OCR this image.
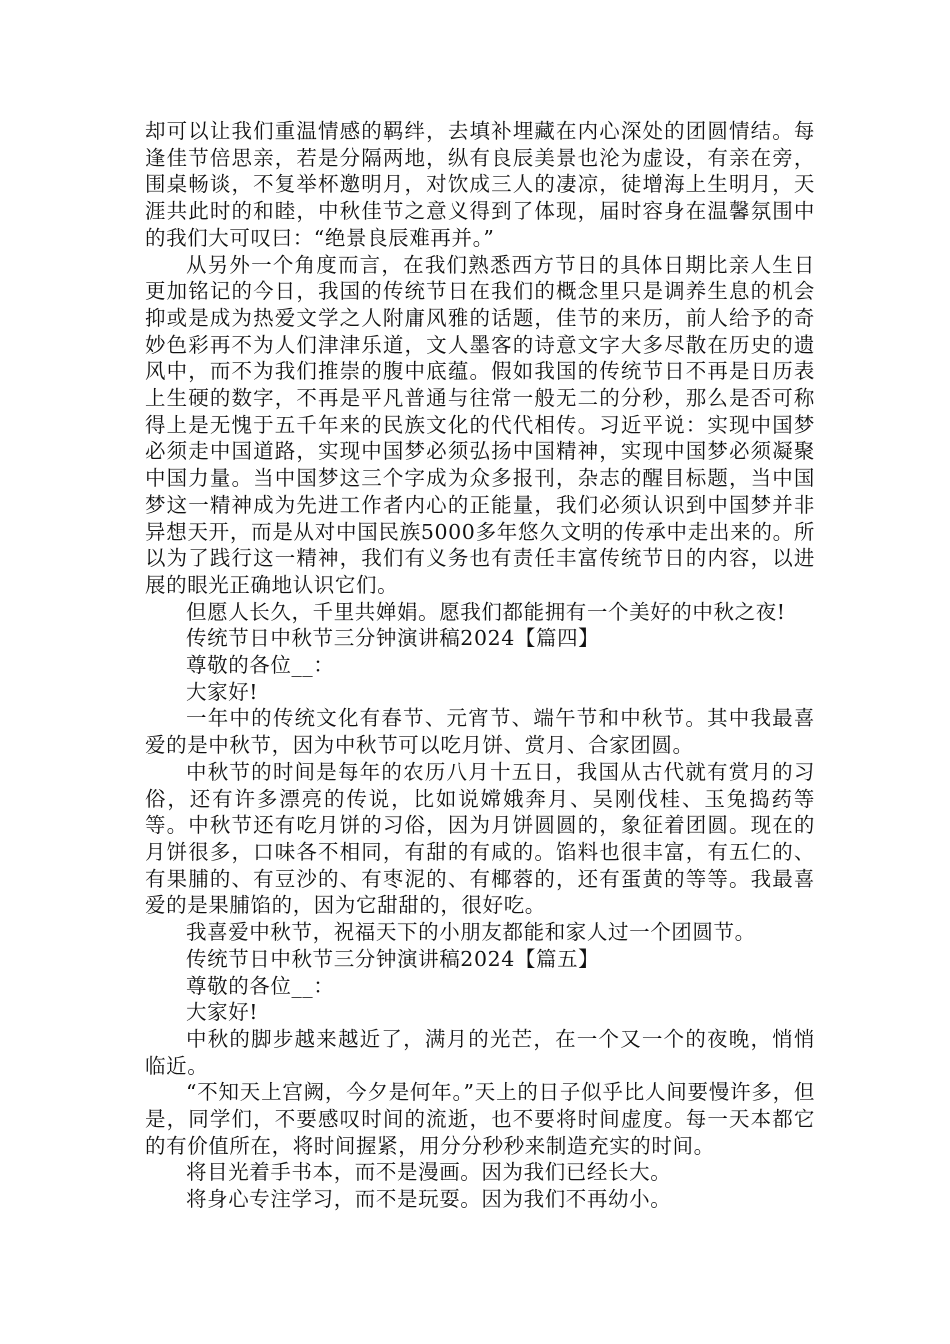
却可以让我们重温情感的羁绊，去填补埋藏在内心深处的团圆情结。每逢佳节倍思亲，若是分隔两地，纵有良辰美景也沦为虚设，有亲在旁，围桌畅谈，不复举杯邀明月，对饮成三人的凄凉，徒增海上生明月，天涯共此时的和睦，中秋佳节之意义得到了体现，届时容身在温馨氛围中的我们大可叹曰：“绝景良辰难再并。”

从另外一个角度而言，在我们熟悉西方节日的具体日期比亲人生日更加铭记的今日，我国的传统节日在我们的概念里只是调养生息的机会抑或是成为热爱文学之人附庸风雅的话题，佳节的来历，前人给予的奇妙色彩再不为人们津津乐道，文人墨客的诗意文字大多尽散在历史的遗风中，而不为我们推崇的腹中底蕴。假如我国的传统节日不再是日历表上生硬的数字，不再是平凡普通与往常一般无二的分秒，那么是否可称得上是无愧于五千年来的民族文化的代代相传。习近平说：实现中国梦必须走中国道路，实现中国梦必须弘扬中国精神，实现中国梦必须凝聚中国力量。当中国梦这三个字成为众多报刊，杂志的醒目标题，当中国梦这一精神成为先进工作者内心的正能量，我们必须认识到中国梦并非异想天开，而是从对中国民族5000多年悠久文明的传承中走出来的。所以为了践行这一精神，我们有义务也有责任丰富传统节日的内容，以进展的眼光正确地认识它们。

但愿人长久，千里共婵娟。愿我们都能拥有一个美好的中秋之夜!

传统节日中秋节三分钟演讲稿2024【篇四】

尊敬的各位__：

大家好!

一年中的传统文化有春节、元宵节、端午节和中秋节。其中我最喜爱的是中秋节，因为中秋节可以吃月饼、赏月、合家团圆。

中秋节的时间是每年的农历八月十五日，我国从古代就有赏月的习俗，还有许多漂亮的传说，比如说嫦娥奔月、吴刚伐桂、玉兔捣药等等。中秋节还有吃月饼的习俗，因为月饼圆圆的，象征着团圆。现在的月饼很多，口味各不相同，有甜的有咸的。馅料也很丰富，有五仁的、有果脯的、有豆沙的、有枣泥的、有椰蓉的，还有蛋黄的等等。我最喜爱的是果脯馅的，因为它甜甜的，很好吃。

我喜爱中秋节，祝福天下的小朋友都能和家人过一个团圆节。

传统节日中秋节三分钟演讲稿2024【篇五】

尊敬的各位__：

大家好!

中秋的脚步越来越近了，满月的光芒，在一个又一个的夜晚，悄悄临近。

“不知天上宫阙，今夕是何年。”天上的日子似乎比人间要慢许多，但是，同学们，不要感叹时间的流逝，也不要将时间虚度。每一天本都它的有价值所在，将时间握紧，用分分秒秒来制造充实的时间。

将目光着手书本，而不是漫画。因为我们已经长大。

将身心专注学习，而不是玩耍。因为我们不再幼小。
